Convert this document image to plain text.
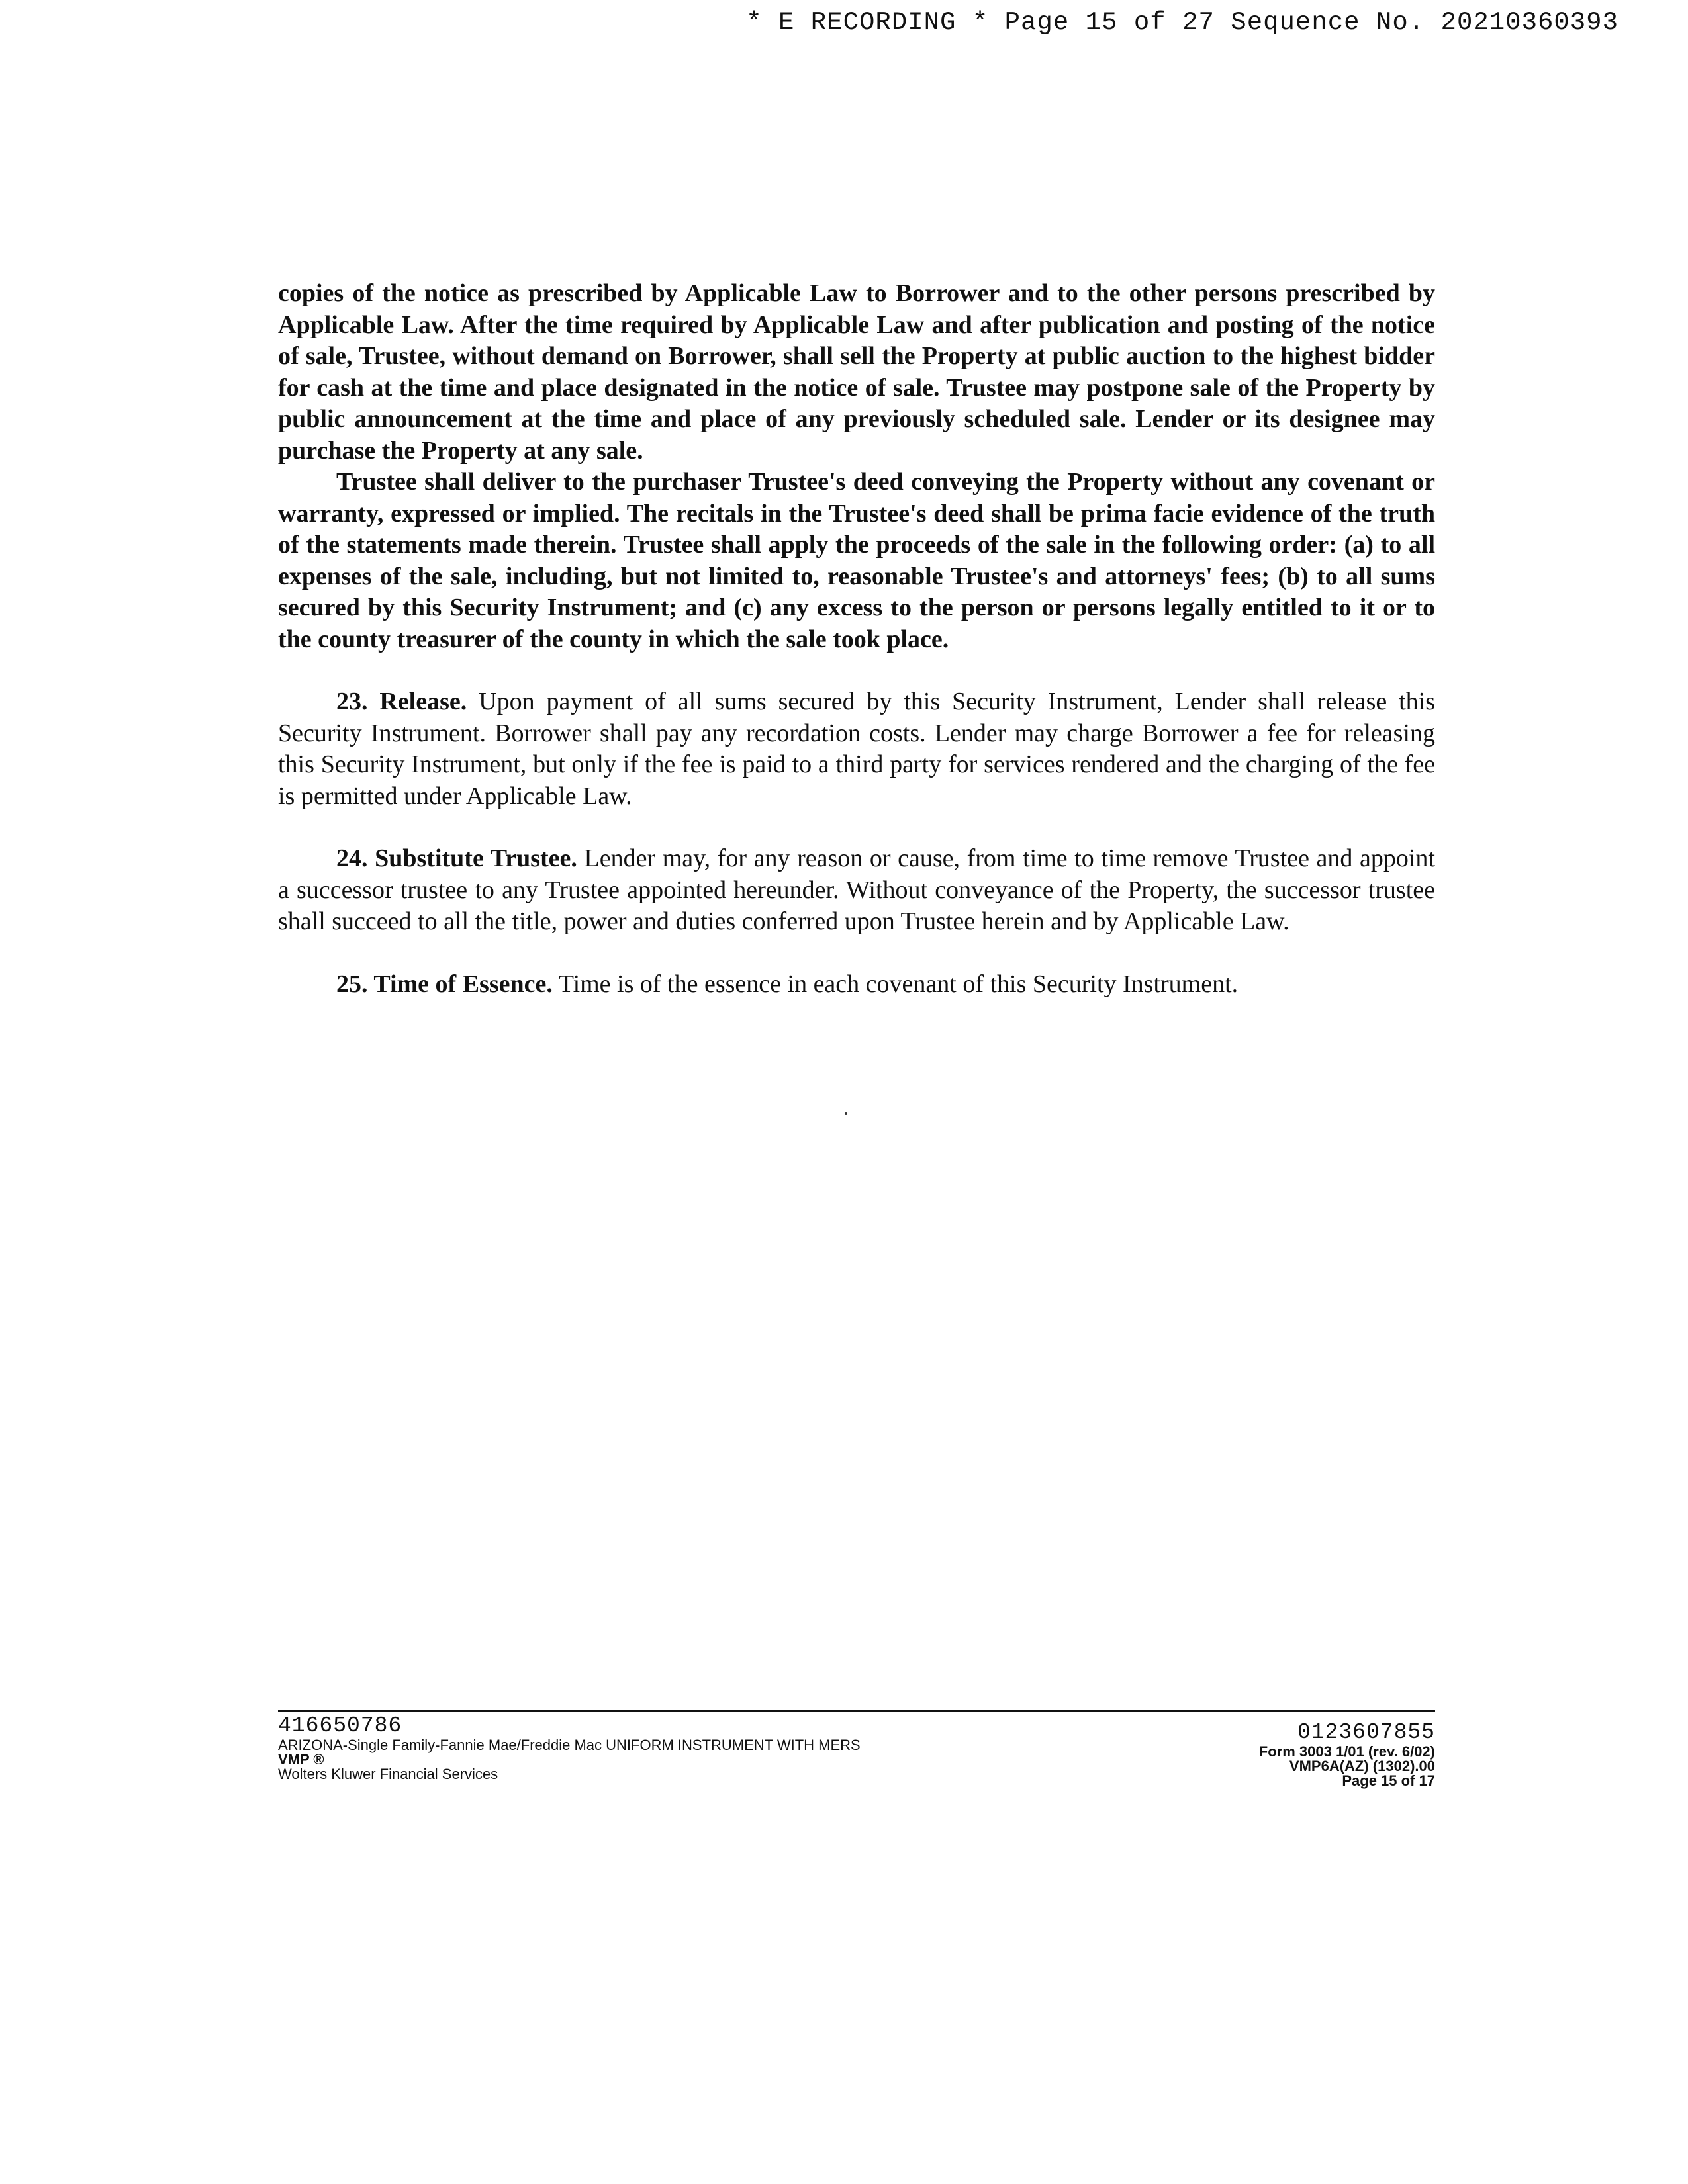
* E RECORDING * Page 15 of 27 Sequence No. 20210360393

copies of the notice as prescribed by Applicable Law to Borrower and to the other persons prescribed by Applicable Law. After the time required by Applicable Law and after publication and posting of the notice of sale, Trustee, without demand on Borrower, shall sell the Property at public auction to the highest bidder for cash at the time and place designated in the notice of sale. Trustee may postpone sale of the Property by public announcement at the time and place of any previously scheduled sale. Lender or its designee may purchase the Property at any sale.

Trustee shall deliver to the purchaser Trustee's deed conveying the Property without any covenant or warranty, expressed or implied. The recitals in the Trustee's deed shall be prima facie evidence of the truth of the statements made therein. Trustee shall apply the proceeds of the sale in the following order: (a) to all expenses of the sale, including, but not limited to, reasonable Trustee's and attorneys' fees; (b) to all sums secured by this Security Instrument; and (c) any excess to the person or persons legally entitled to it or to the county treasurer of the county in which the sale took place.

23. Release. Upon payment of all sums secured by this Security Instrument, Lender shall release this Security Instrument. Borrower shall pay any recordation costs. Lender may charge Borrower a fee for releasing this Security Instrument, but only if the fee is paid to a third party for services rendered and the charging of the fee is permitted under Applicable Law.

24. Substitute Trustee. Lender may, for any reason or cause, from time to time remove Trustee and appoint a successor trustee to any Trustee appointed hereunder. Without conveyance of the Property, the successor trustee shall succeed to all the title, power and duties conferred upon Trustee herein and by Applicable Law.

25. Time of Essence. Time is of the essence in each covenant of this Security Instrument.

416650786
ARIZONA-Single Family-Fannie Mae/Freddie Mac UNIFORM INSTRUMENT WITH MERS
VMP ®
Wolters Kluwer Financial Services
0123607855
Form 3003 1/01 (rev. 6/02)
VMP6A(AZ) (1302).00
Page 15 of 17
